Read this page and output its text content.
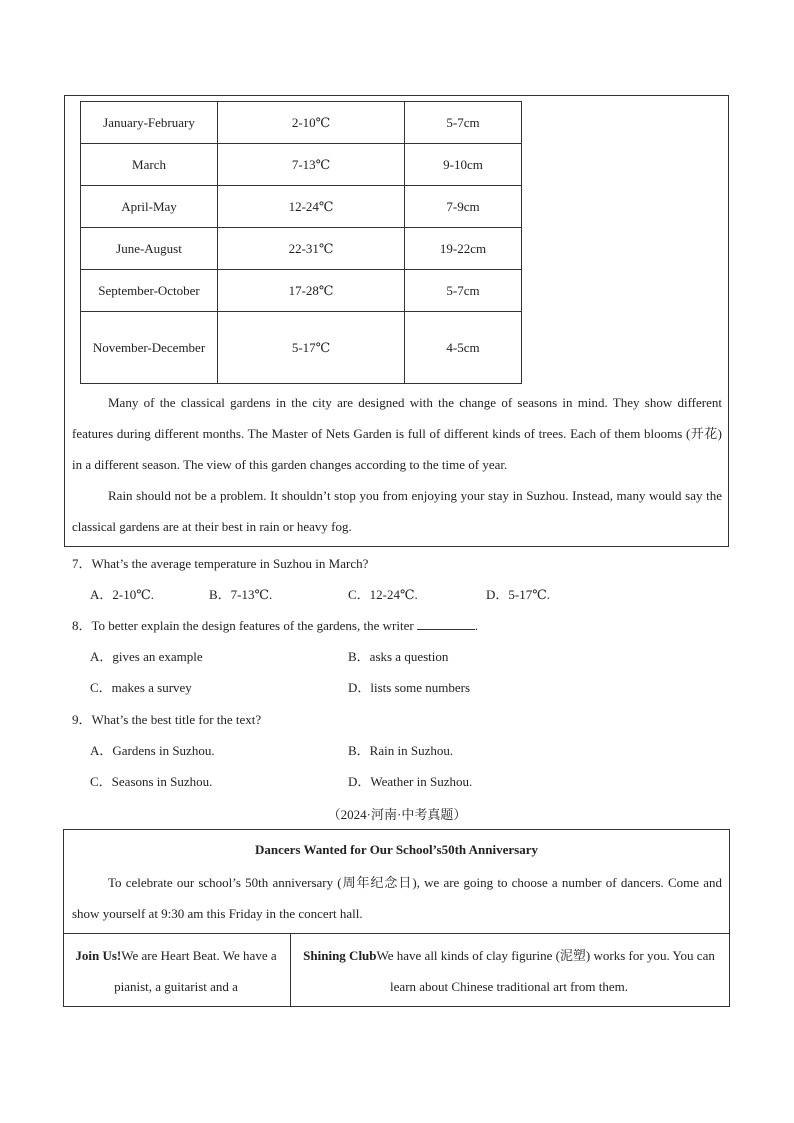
January-February	2-10℃	5-7cm
March	7-13℃	9-10cm
April-May	12-24℃	7-9cm
June-August	22-31℃	19-22cm
September-October	17-28℃	5-7cm
November-December	5-17℃	4-5cm

Many of the classical gardens in the city are designed with the change of seasons in mind. They show different features during different months. The Master of Nets Garden is full of different kinds of trees. Each of them blooms (开花) in a different season. The view of this garden changes according to the time of year.

Rain should not be a problem. It shouldn’t stop you from enjoying your stay in Suzhou. Instead, many would say the classical gardens are at their best in rain or heavy fog.

7．What’s the average temperature in Suzhou in March?

A．2-10℃.	B．7-13℃.	C．12-24℃.	D．5-17℃.

8．To better explain the design features of the gardens, the writer	.

A．gives an example	B．asks a question

C．makes a survey	D．lists some numbers

9．What’s the best title for the text?

A．Gardens in Suzhou.	B．Rain in Suzhou.

C．Seasons in Suzhou.	D．Weather in Suzhou.

（2024·河南·中考真题）
Dancers Wanted for Our School’s50th Anniversary

To celebrate our school’s 50th anniversary (周年纪念日), we are going to choose a number of dancers. Come and show yourself at 9:30 am this Friday in the concert hall.

Join Us!We are Heart Beat. We have a pianist, a guitarist and a

Shining ClubWe have all kinds of clay figurine (泥塑) works for you. You can learn about Chinese traditional art from them.
